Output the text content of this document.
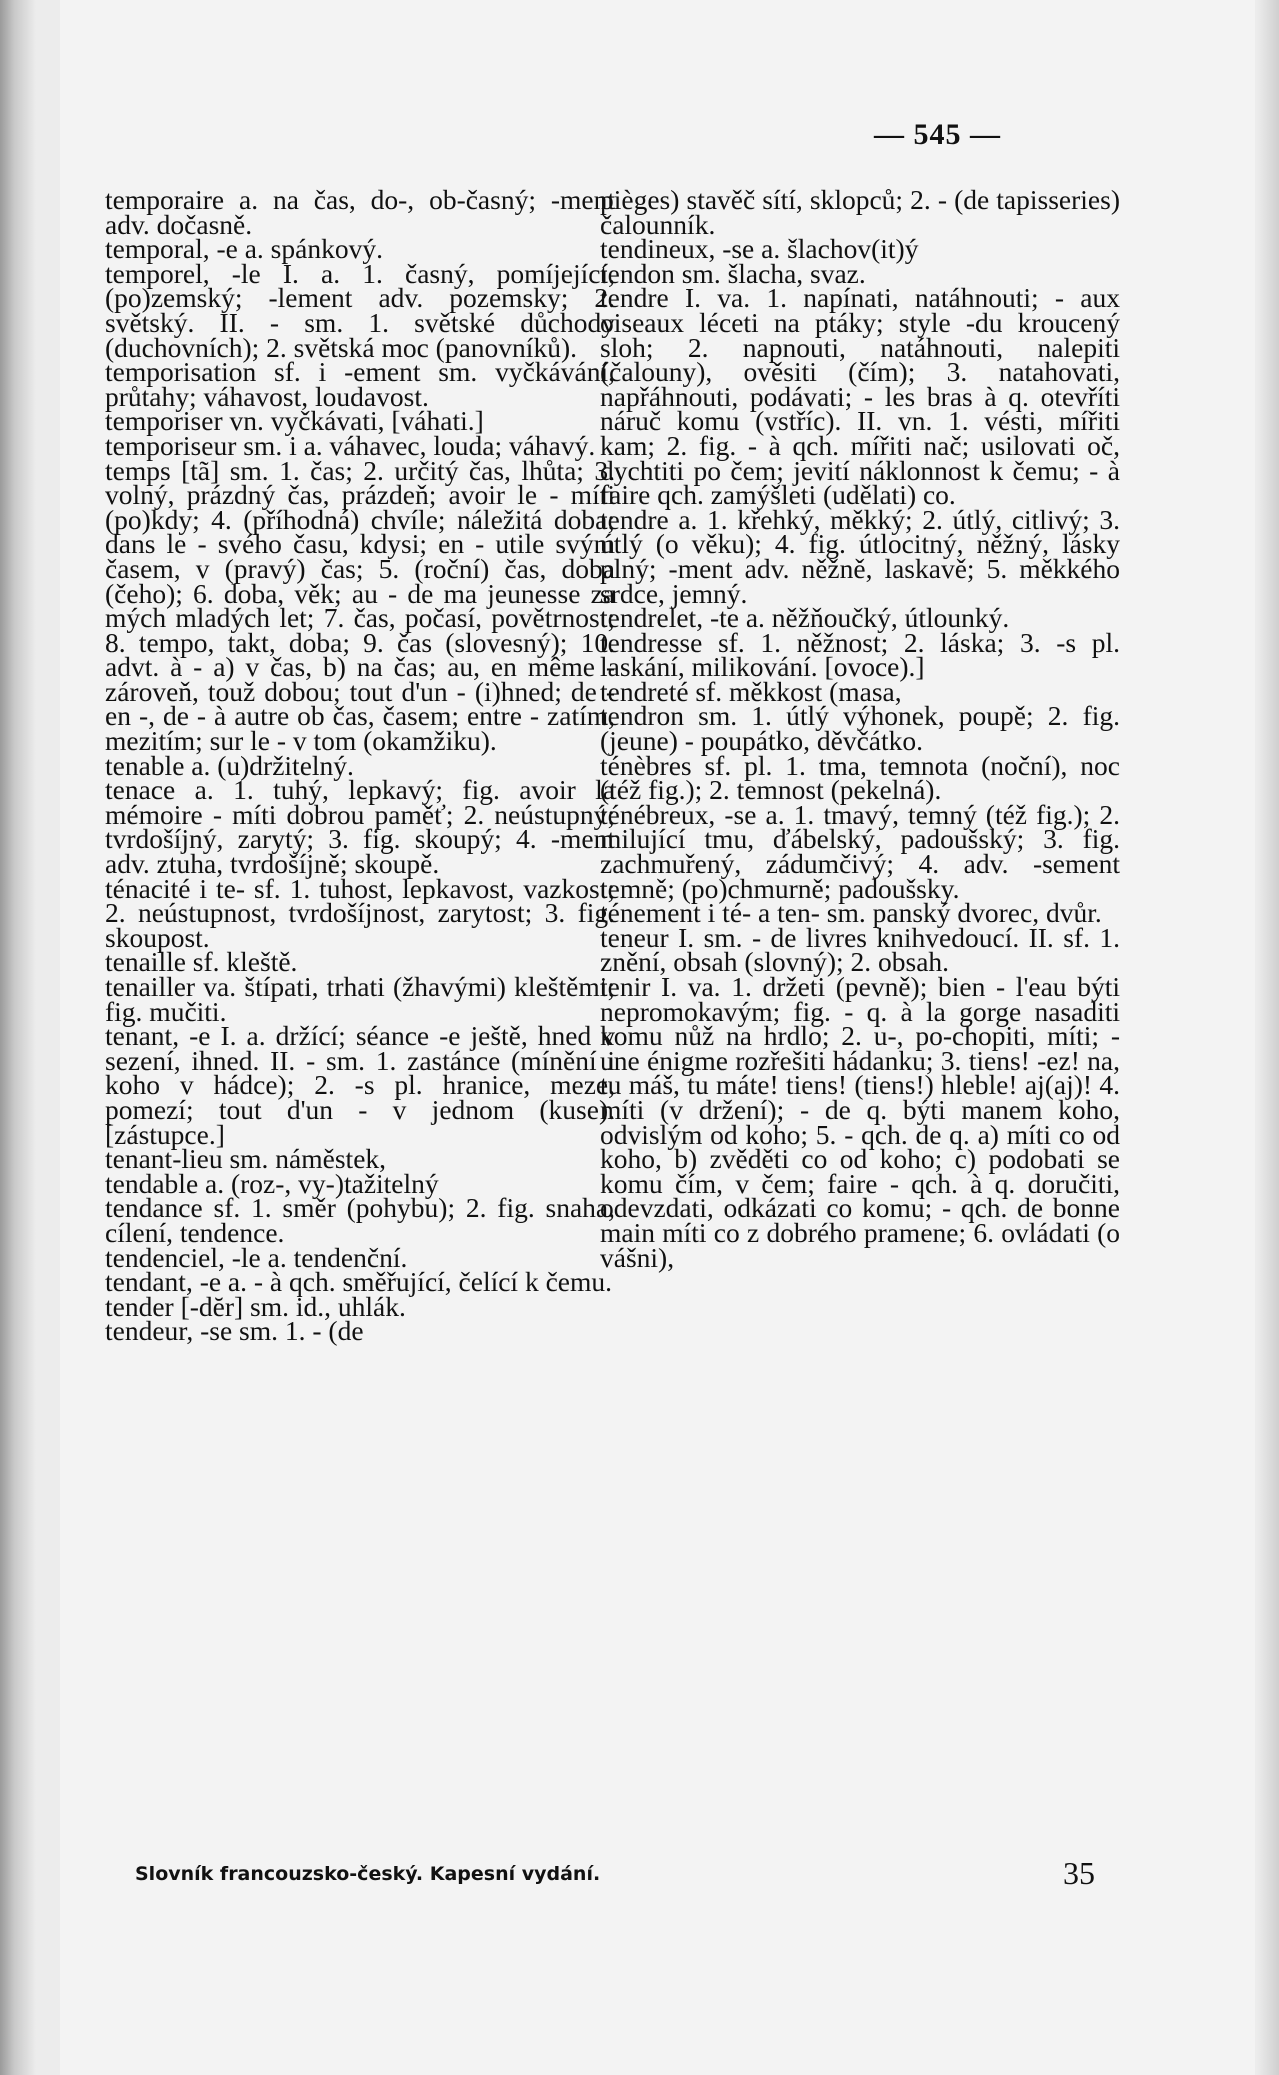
— 545 —

temporaire a. na čas, do-, ob-časný; -ment adv. dočasně.

temporal, -e a. spánkový.

temporel, -le I. a. 1. časný, pomíjející, (po)zemský; -lement adv. pozemsky; 2. světský. II. - sm. 1. světské důchody (duchovních); 2. světská moc (panovníků).

temporisation sf. i -ement sm. vyčkávání, průtahy; váhavost, loudavost.

temporiser vn. vyčkávati, [váhati.]

temporiseur sm. i a. váhavec, louda; váhavý.

temps [tã] sm. 1. čas; 2. určitý čas, lhůta; 3. volný, prázdný čas, prázdeň; avoir le - míti (po)kdy; 4. (příhodná) chvíle; náležitá doba; dans le - svého času, kdysi; en - utile svým časem, v (pravý) čas; 5. (roční) čas, doba (čeho); 6. doba, věk; au - de ma jeunesse za mých mladých let; 7. čas, počasí, povětrnost; 8. tempo, takt, doba; 9. čas (slovesný); 10. advt. à - a) v čas, b) na čas; au, en même - zároveň, touž dobou; tout d'un - (i)hned; de - en -, de - à autre ob čas, časem; entre - zatím, mezitím; sur le - v tom (okamžiku).

tenable a. (u)držitelný.

tenace a. 1. tuhý, lepkavý; fig. avoir la mémoire - míti dobrou paměť; 2. neústupný; tvrdošíjný, zarytý; 3. fig. skoupý; 4. -ment adv. ztuha, tvrdošíjně; skoupě.

ténacité i te- sf. 1. tuhost, lepkavost, vazkost; 2. neústupnost, tvrdošíjnost, zarytost; 3. fig. skoupost.

tenaille sf. kleště.

tenailler va. štípati, trhati (žhavými) kleštěmi; fig. mučiti.

tenant, -e I. a. držící; séance -e ještě, hned v sezení, ihned. II. - sm. 1. zastánce (mínění i koho v hádce); 2. -s pl. hranice, meze, pomezí; tout d'un - v jednom (kuse). [zástupce.]

tenant-lieu sm. náměstek,

tendable a. (roz-, vy-)tažitelný

tendance sf. 1. směr (pohybu); 2. fig. snaha, cílení, tendence.

tendenciel, -le a. tendenční.

tendant, -e a. - à qch. směřující, čelící k čemu.

tender [-dĕr] sm. id., uhlák.

tendeur, -se sm. 1. - (de

pièges) stavěč sítí, sklopců; 2. - (de tapisseries) čalounník.

tendineux, -se a. šlachov(it)ý

tendon sm. šlacha, svaz.

tendre I. va. 1. napínati, natáhnouti; - aux oiseaux léceti na ptáky; style -du kroucený sloh; 2. napnouti, natáhnouti, nalepiti (čalouny), ověsiti (čím); 3. natahovati, napřáhnouti, podávati; - les bras à q. otevříti náruč komu (vstříc). II. vn. 1. vésti, mířiti kam; 2. fig. - à qch. mířiti nač; usilovati oč, dychtiti po čem; jevití náklonnost k čemu; - à faire qch. zamýšleti (udělati) co.

tendre a. 1. křehký, měkký; 2. útlý, citlivý; 3. útlý (o věku); 4. fig. útlocitný, něžný, lásky plný; -ment adv. něžně, laskavě; 5. měkkého srdce, jemný.

tendrelet, -te a. něžňoučký, útlounký.

tendresse sf. 1. něžnost; 2. láska; 3. -s pl. laskání, milikování. [ovoce).]

tendreté sf. měkkost (masa,

tendron sm. 1. útlý výhonek, poupě; 2. fig. (jeune) - poupátko, děvčátko.

ténèbres sf. pl. 1. tma, temnota (noční), noc (též fig.); 2. temnost (pekelná).

ténébreux, -se a. 1. tmavý, temný (též fig.); 2. milující tmu, ďábelský, padoušský; 3. fig. zachmuřený, zádumčivý; 4. adv. -sement temně; (po)chmurně; padoušsky.

ténement i té- a ten- sm. panský dvorec, dvůr.

teneur I. sm. - de livres knihvedoucí. II. sf. 1. znění, obsah (slovný); 2. obsah.

tenir I. va. 1. držeti (pevně); bien - l'eau býti nepromokavým; fig. - q. à la gorge nasaditi komu nůž na hrdlo; 2. u-, po-chopiti, míti; - une énigme rozřešiti hádanku; 3. tiens! -ez! na, tu máš, tu máte! tiens! (tiens!) hleble! aj(aj)! 4. míti (v držení); - de q. býti manem koho, odvislým od koho; 5. - qch. de q. a) míti co od koho, b) zvěděti co od koho; c) podobati se komu čím, v čem; faire - qch. à q. doručiti, odevzdati, odkázati co komu; - qch. de bonne main míti co z dobrého pramene; 6. ovládati (o vášni),

Slovník francouzsko-český. Kapesní vydání.	35
